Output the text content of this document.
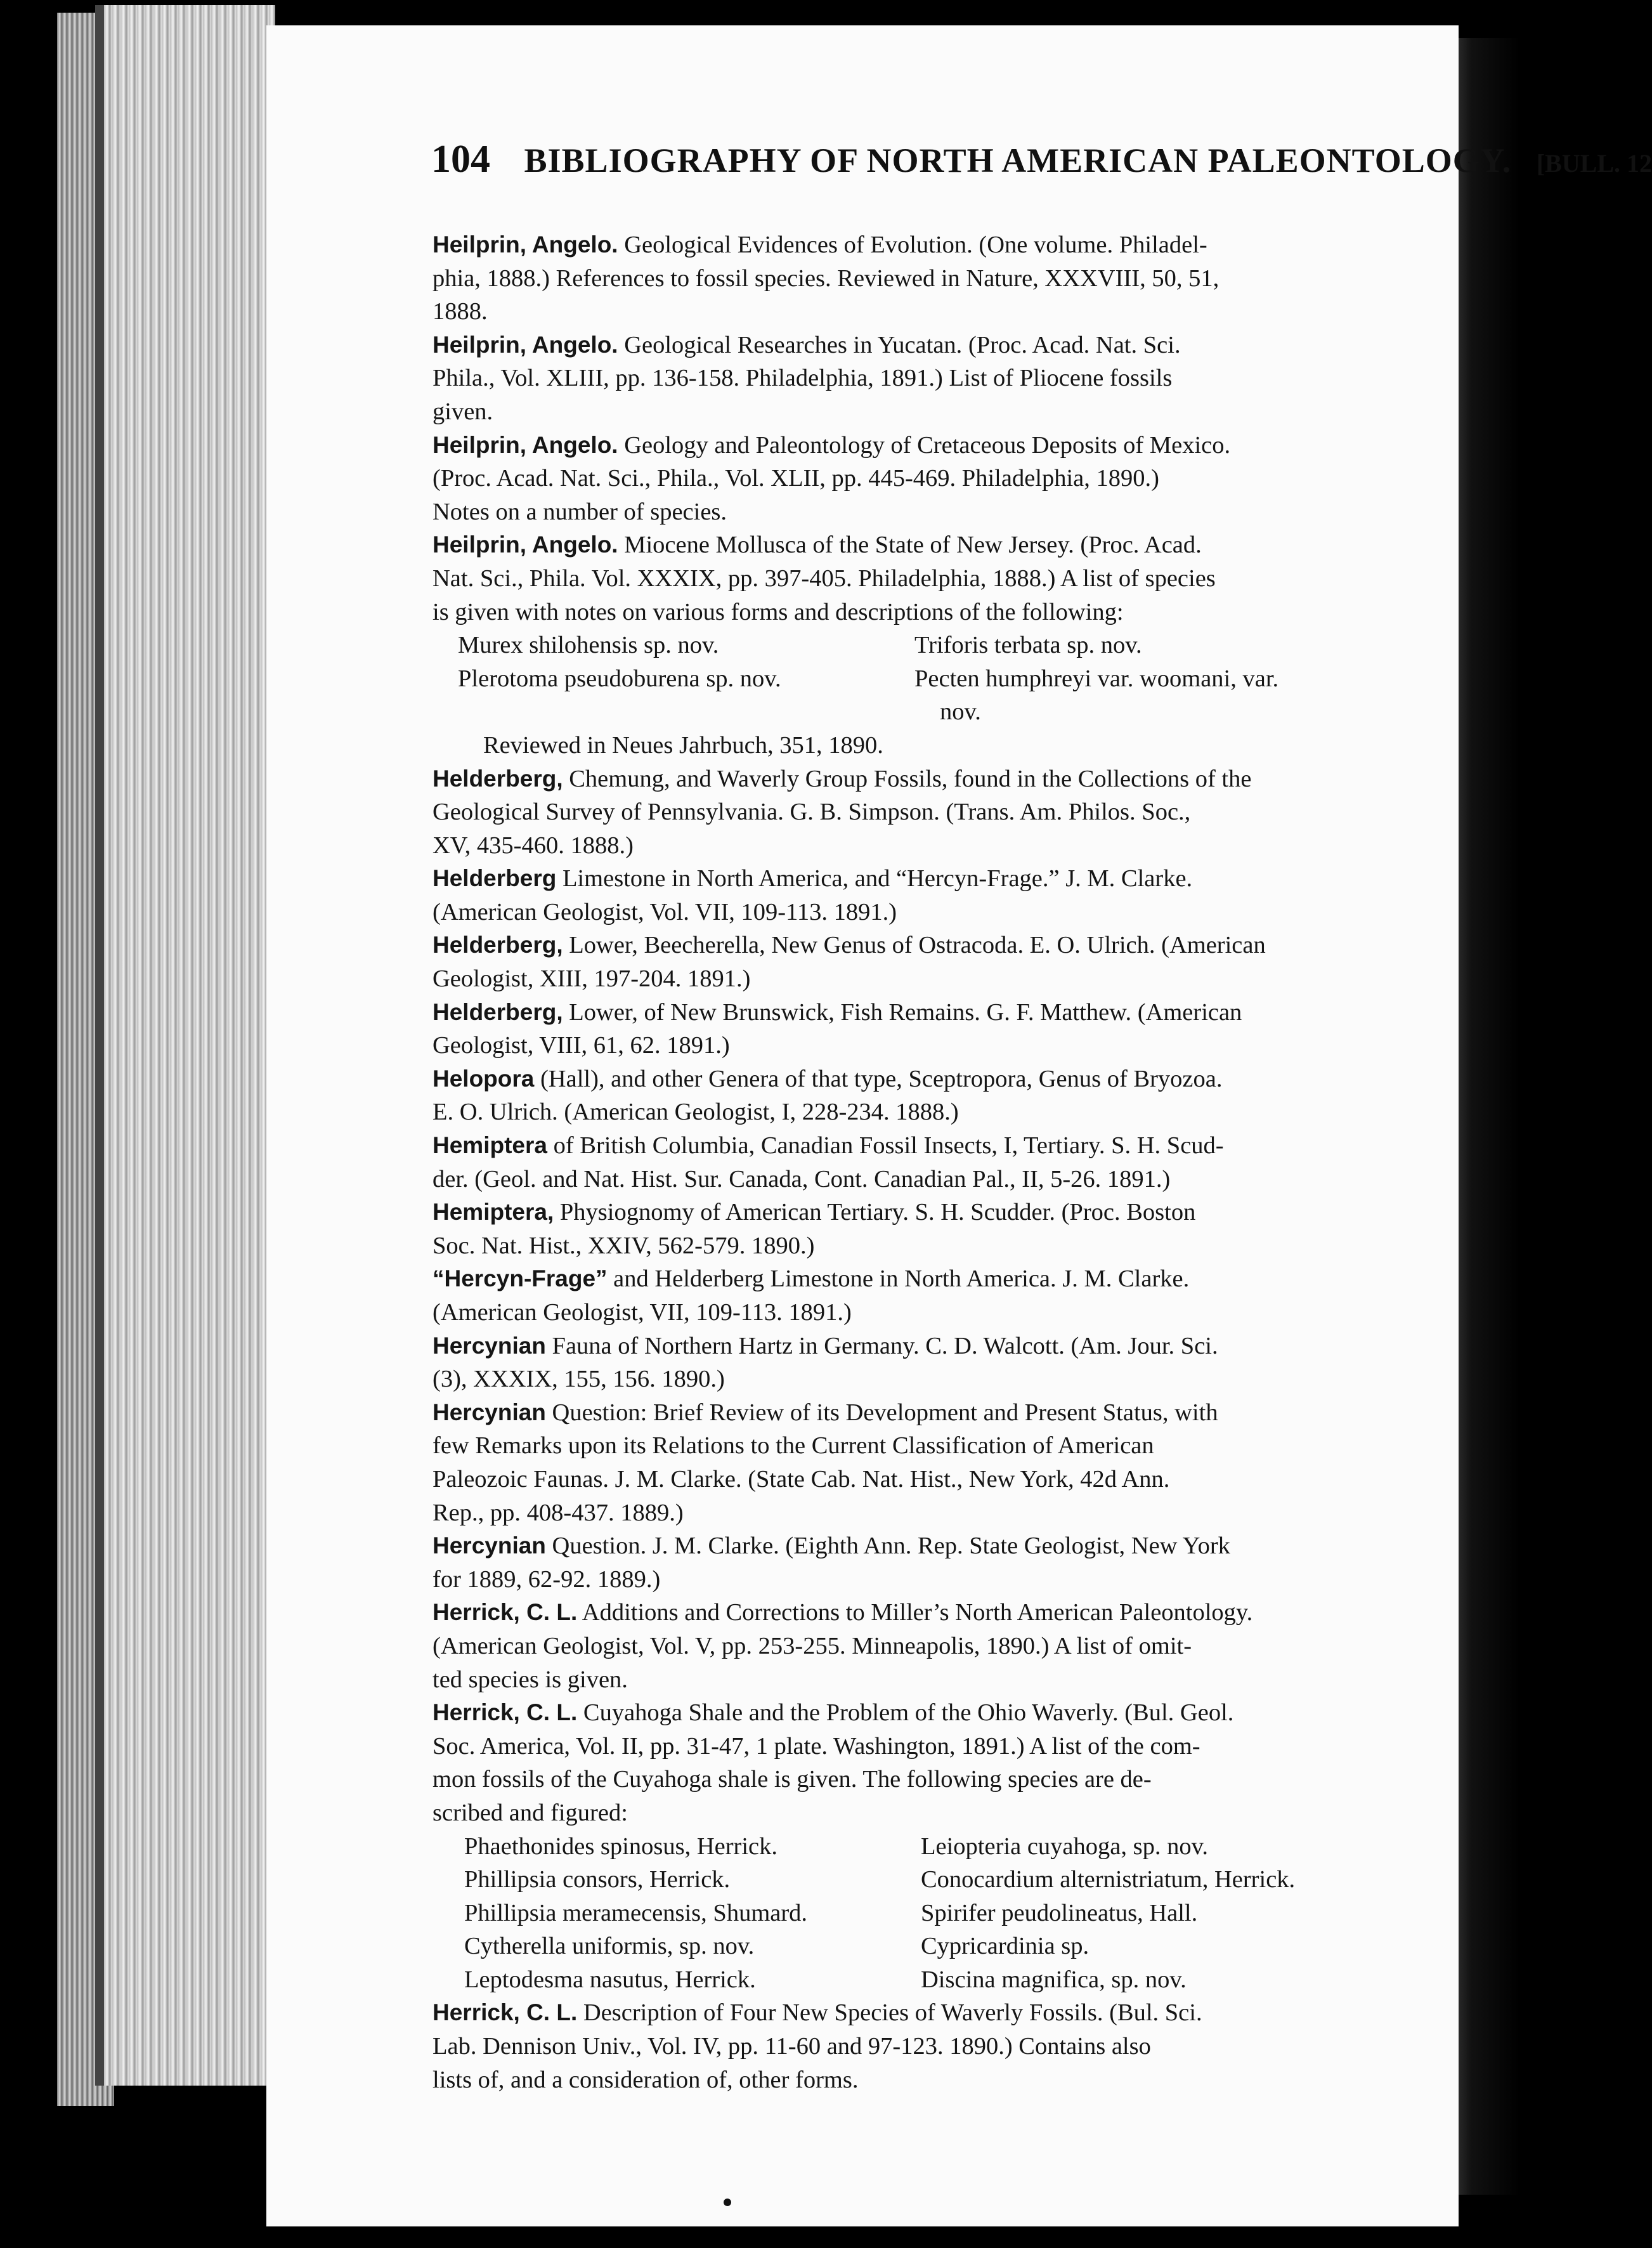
104 BIBLIOGRAPHY OF NORTH AMERICAN PALEONTOLOGY. [BULL. 12
Heilprin, Angelo. Geological Evidences of Evolution. (One volume. Philadel-
phia, 1888.) References to fossil species. Reviewed in Nature, XXXVIII, 50, 51,
1888.
Heilprin, Angelo. Geological Researches in Yucatan. (Proc. Acad. Nat. Sci.
Phila., Vol. XLIII, pp. 136-158. Philadelphia, 1891.) List of Pliocene fossils
given.
Heilprin, Angelo. Geology and Paleontology of Cretaceous Deposits of Mexico.
(Proc. Acad. Nat. Sci., Phila., Vol. XLII, pp. 445-469. Philadelphia, 1890.)
Notes on a number of species.
Heilprin, Angelo. Miocene Mollusca of the State of New Jersey. (Proc. Acad.
Nat. Sci., Phila. Vol. XXXIX, pp. 397-405. Philadelphia, 1888.) A list of species
is given with notes on various forms and descriptions of the following:
Murex shilohensis sp. nov.	Triforis terbata sp. nov.
Plerotoma pseudoburena sp. nov.	Pecten humphreyi var. woomani, var.
nov.
Reviewed in Neues Jahrbuch, 351, 1890.
Helderberg, Chemung, and Waverly Group Fossils, found in the Collections of the
Geological Survey of Pennsylvania. G. B. Simpson. (Trans. Am. Philos. Soc.,
XV, 435-460. 1888.)
Helderberg Limestone in North America, and “Hercyn-Frage.” J. M. Clarke.
(American Geologist, Vol. VII, 109-113. 1891.)
Helderberg, Lower, Beecherella, New Genus of Ostracoda. E. O. Ulrich. (American
Geologist, XIII, 197-204. 1891.)
Helderberg, Lower, of New Brunswick, Fish Remains. G. F. Matthew. (American
Geologist, VIII, 61, 62. 1891.)
Helopora (Hall), and other Genera of that type, Sceptropora, Genus of Bryozoa.
E. O. Ulrich. (American Geologist, I, 228-234. 1888.)
Hemiptera of British Columbia, Canadian Fossil Insects, I, Tertiary. S. H. Scud-
der. (Geol. and Nat. Hist. Sur. Canada, Cont. Canadian Pal., II, 5-26. 1891.)
Hemiptera, Physiognomy of American Tertiary. S. H. Scudder. (Proc. Boston
Soc. Nat. Hist., XXIV, 562-579. 1890.)
“Hercyn-Frage” and Helderberg Limestone in North America. J. M. Clarke.
(American Geologist, VII, 109-113. 1891.)
Hercynian Fauna of Northern Hartz in Germany. C. D. Walcott. (Am. Jour. Sci.
(3), XXXIX, 155, 156. 1890.)
Hercynian Question: Brief Review of its Development and Present Status, with
few Remarks upon its Relations to the Current Classification of American
Paleozoic Faunas. J. M. Clarke. (State Cab. Nat. Hist., New York, 42d Ann.
Rep., pp. 408-437. 1889.)
Hercynian Question. J. M. Clarke. (Eighth Ann. Rep. State Geologist, New York
for 1889, 62-92. 1889.)
Herrick, C. L. Additions and Corrections to Miller’s North American Paleontology.
(American Geologist, Vol. V, pp. 253-255. Minneapolis, 1890.) A list of omit-
ted species is given.
Herrick, C. L. Cuyahoga Shale and the Problem of the Ohio Waverly. (Bul. Geol.
Soc. America, Vol. II, pp. 31-47, 1 plate. Washington, 1891.) A list of the com-
mon fossils of the Cuyahoga shale is given. The following species are de-
scribed and figured:
Phaethonides spinosus, Herrick.	Leiopteria cuyahoga, sp. nov.
Phillipsia consors, Herrick.	Conocardium alternistriatum, Herrick.
Phillipsia meramecensis, Shumard.	Spirifer peudolineatus, Hall.
Cytherella uniformis, sp. nov.	Cypricardinia sp.
Leptodesma nasutus, Herrick.	Discina magnifica, sp. nov.
Herrick, C. L. Description of Four New Species of Waverly Fossils. (Bul. Sci.
Lab. Dennison Univ., Vol. IV, pp. 11-60 and 97-123. 1890.) Contains also
lists of, and a consideration of, other forms.
